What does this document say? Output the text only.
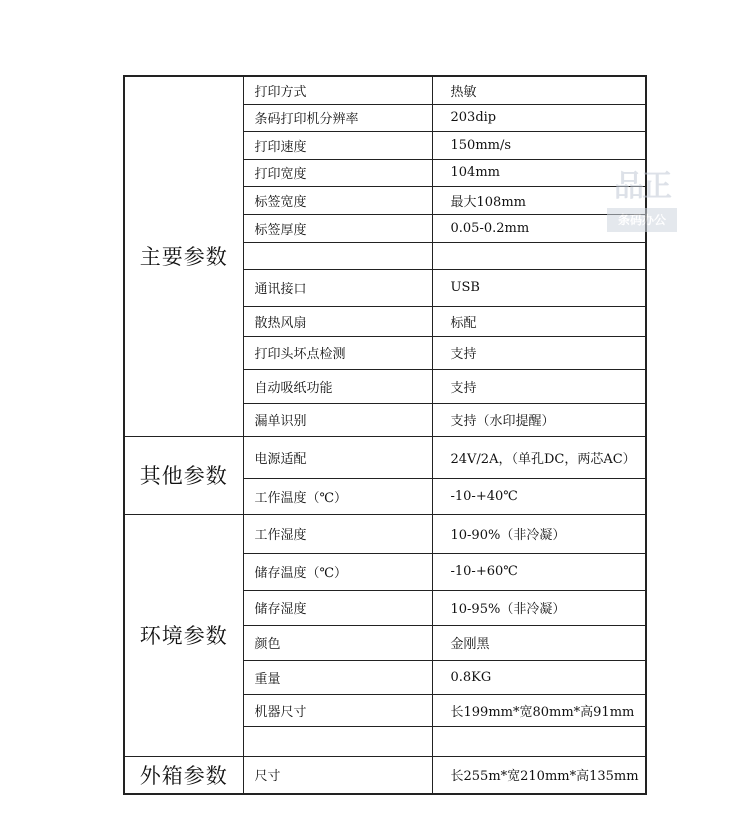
主要参数	打印方式	热敏
	条码打印机分辨率	203dip
	打印速度	150mm/s
	打印宽度	104mm
	标签宽度	最大108mm
	标签厚度	0.05-0.2mm

	通讯接口	USB
	散热风扇	标配
	打印头坏点检测	支持
	自动吸纸功能	支持
	漏单识别	支持（水印提醒）
其他参数	电源适配	24V/2A，（单孔DC，两芯AC）
	工作温度（℃）	-10-+40℃
环境参数	工作湿度	10-90%（非冷凝）
	储存温度（℃）	-10-+60℃
	储存湿度	10-95%（非冷凝）
	颜色	金刚黑
	重量	0.8KG
	机器尺寸	长199mm*宽80mm*高91mm

外箱参数	尺寸	长255m*宽210mm*高135mm
品正
条码办公
